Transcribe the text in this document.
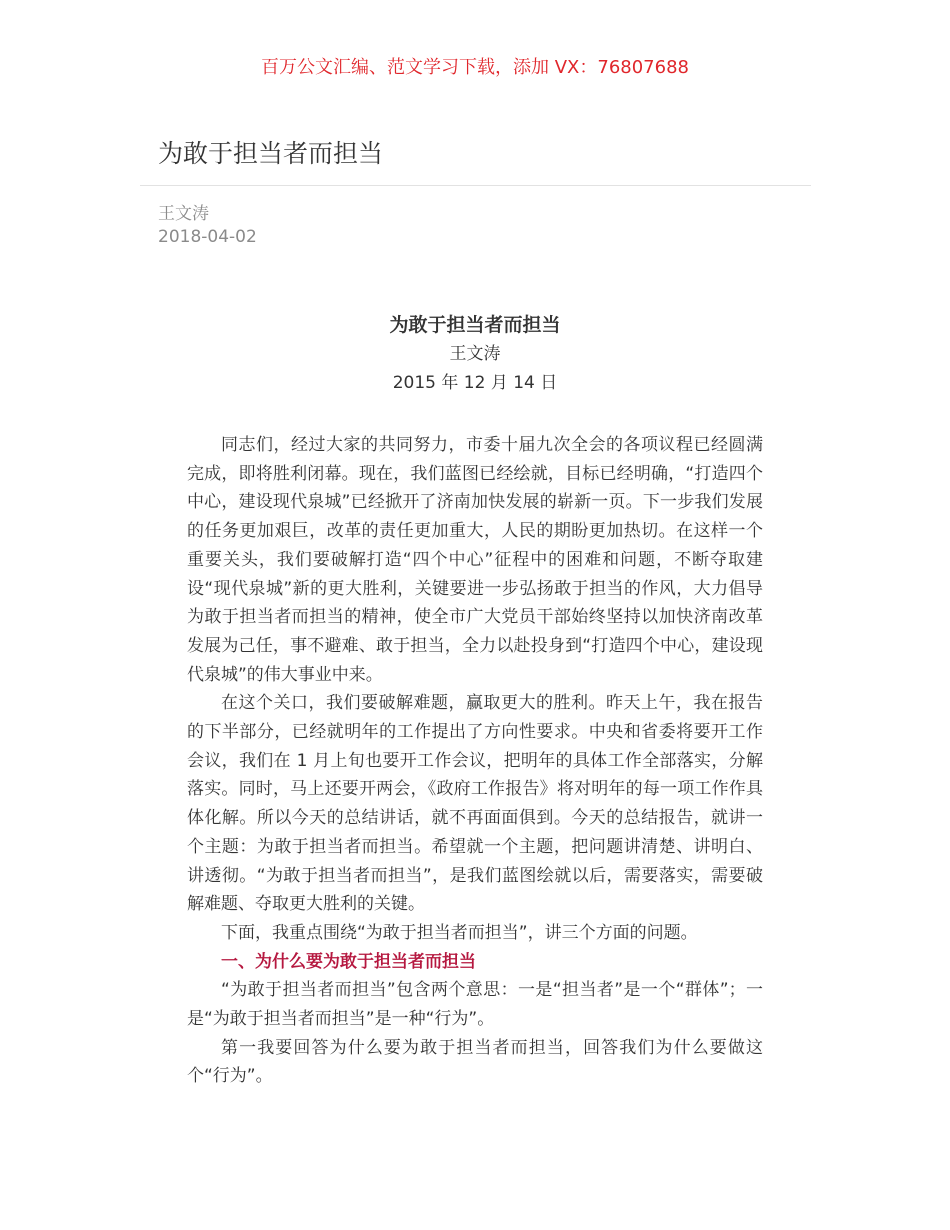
百万公文汇编、范文学习下载，添加 VX：76807688
为敢于担当者而担当
王文涛
2018-04-02
为敢于担当者而担当
王文涛
2015 年 12 月 14 日

同志们，经过大家的共同努力，市委十届九次全会的各项议程已经圆满完成，即将胜利闭幕。现在，我们蓝图已经绘就，目标已经明确，“打造四个中心，建设现代泉城”已经掀开了济南加快发展的崭新一页。下一步我们发展的任务更加艰巨，改革的责任更加重大，人民的期盼更加热切。在这样一个重要关头，我们要破解打造“四个中心”征程中的困难和问题，不断夺取建设“现代泉城”新的更大胜利，关键要进一步弘扬敢于担当的作风，大力倡导为敢于担当者而担当的精神，使全市广大党员干部始终坚持以加快济南改革发展为己任，事不避难、敢于担当，全力以赴投身到“打造四个中心，建设现代泉城”的伟大事业中来。

在这个关口，我们要破解难题，赢取更大的胜利。昨天上午，我在报告的下半部分，已经就明年的工作提出了方向性要求。中央和省委将要开工作会议，我们在 1 月上旬也要开工作会议，把明年的具体工作全部落实，分解落实。同时，马上还要开两会，《政府工作报告》将对明年的每一项工作作具体化解。所以今天的总结讲话，就不再面面俱到。今天的总结报告，就讲一个主题：为敢于担当者而担当。希望就一个主题，把问题讲清楚、讲明白、讲透彻。“为敢于担当者而担当”，是我们蓝图绘就以后，需要落实，需要破解难题、夺取更大胜利的关键。

下面，我重点围绕“为敢于担当者而担当”，讲三个方面的问题。

一、为什么要为敢于担当者而担当

“为敢于担当者而担当”包含两个意思：一是“担当者”是一个“群体”；一是“为敢于担当者而担当”是一种“行为”。

第一我要回答为什么要为敢于担当者而担当，回答我们为什么要做这个“行为”。
